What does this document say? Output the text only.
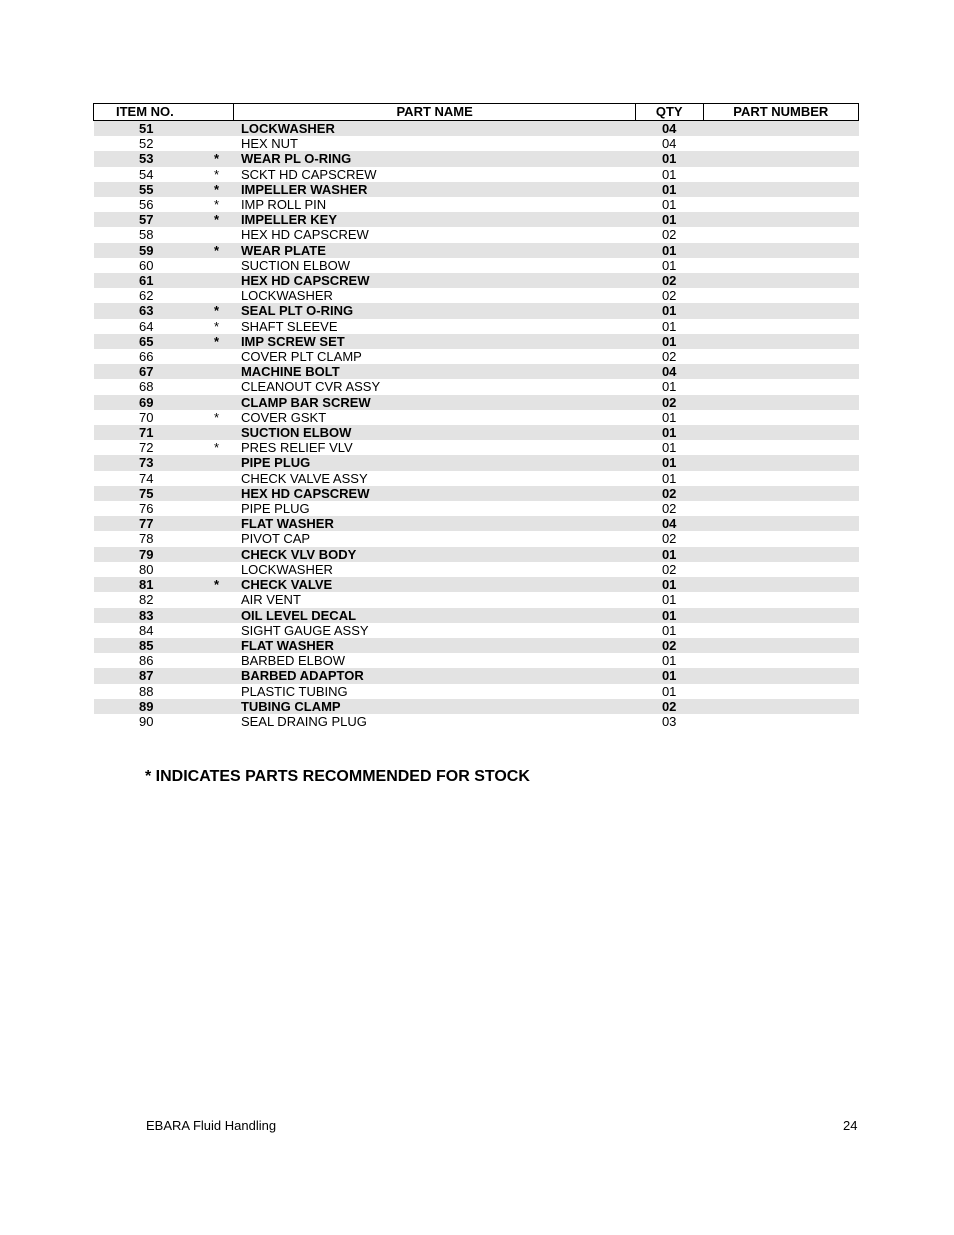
ITEM NO.		PART NAME	QTY	PART NUMBER
51		LOCKWASHER	04	
52		HEX NUT	04	
53	*	WEAR PL O-RING	01	
54	*	SCKT HD CAPSCREW	01	
55	*	IMPELLER WASHER	01	
56	*	IMP ROLL PIN	01	
57	*	IMPELLER KEY	01	
58		HEX HD CAPSCREW	02	
59	*	WEAR PLATE	01	
60		SUCTION ELBOW	01	
61		HEX HD CAPSCREW	02	
62		LOCKWASHER	02	
63	*	SEAL PLT O-RING	01	
64	*	SHAFT SLEEVE	01	
65	*	IMP SCREW SET	01	
66		COVER PLT CLAMP	02	
67		MACHINE BOLT	04	
68		CLEANOUT CVR ASSY	01	
69		CLAMP BAR SCREW	02	
70	*	COVER GSKT	01	
71		SUCTION ELBOW	01	
72	*	PRES RELIEF VLV	01	
73		PIPE PLUG	01	
74		CHECK VALVE ASSY	01	
75		HEX HD CAPSCREW	02	
76		PIPE PLUG	02	
77		FLAT WASHER	04	
78		PIVOT CAP	02	
79		CHECK VLV BODY	01	
80		LOCKWASHER	02	
81	*	CHECK VALVE	01	
82		AIR VENT	01	
83		OIL LEVEL DECAL	01	
84		SIGHT GAUGE ASSY	01	
85		FLAT WASHER	02	
86		BARBED ELBOW	01	
87		BARBED ADAPTOR	01	
88		PLASTIC TUBING	01	
89		TUBING CLAMP	02	
90		SEAL DRAING PLUG	03	
* INDICATES PARTS RECOMMENDED FOR STOCK
EBARA Fluid Handling	24
